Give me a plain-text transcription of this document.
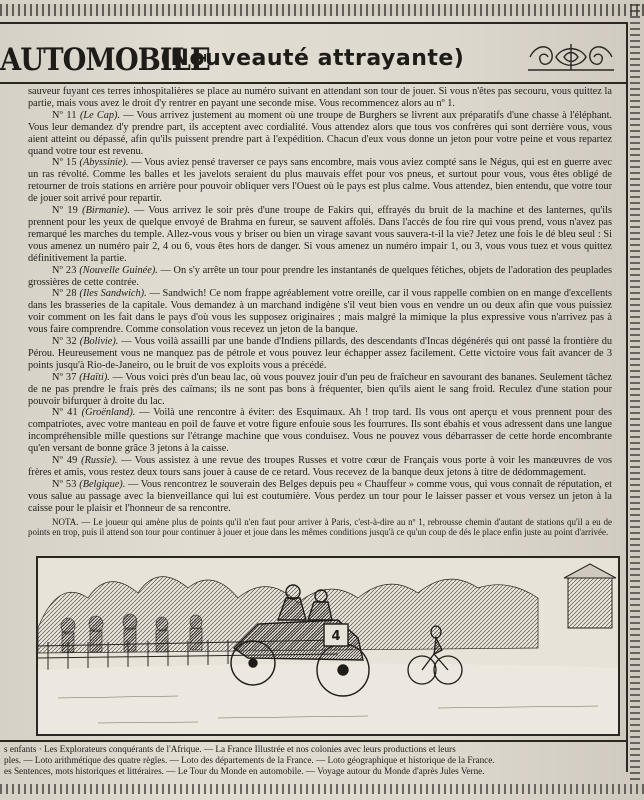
AUTOMOBILE
(Nouveauté attrayante)

sauveur fuyant ces terres inhospitalières se place au numéro suivant en attendant son tour de jouer. Si vous n'êtes pas secouru, vous quittez la partie, mais vous avez le droit d'y rentrer en payant une seconde mise. Vous recommencez alors au nº 1.

Nº 11 (Le Cap). — Vous arrivez justement au moment où une troupe de Burghers se livrent aux préparatifs d'une chasse à l'éléphant. Vous leur demandez d'y prendre part, ils acceptent avec cordialité. Vous attendez alors que tous vos confrères qui sont derrière vous, vous aient atteint ou dépassé, afin qu'ils puissent prendre part à l'expédition. Chacun d'eux vous donne un jeton pour votre peine et vous repartez quand votre tour est revenu.

Nº 15 (Abyssinie). — Vous aviez pensé traverser ce pays sans encombre, mais vous aviez compté sans le Négus, qui est en guerre avec un ras révolté. Comme les balles et les javelots seraient du plus mauvais effet pour vos pneus, et surtout pour vous, vous êtes obligé de retourner de trois stations en arrière pour pouvoir obliquer vers l'Ouest où le pays est plus calme. Vous attendez, bien entendu, que votre tour de jouer soit arrivé pour repartir.

Nº 19 (Birmanie). — Vous arrivez le soir près d'une troupe de Fakirs qui, effrayés du bruit de la machine et des lanternes, qu'ils prennent pour les yeux de quelque envoyé de Brahma en fureur, se sauvent affolés. Dans l'accès de fou rire qui vous prend, vous n'avez pas remarqué les marches du temple. Allez-vous vous y briser ou bien un virage savant vous sauvera-t-il la vie? Jetez une fois le dé bleu seul : Si vous amenez un numéro pair 2, 4 ou 6, vous êtes hors de danger. Si vous amenez un numéro impair 1, ou 3, vous vous tuez et vous quittez définitivement la partie.

Nº 23 (Nouvelle Guinée). — On s'y arrête un tour pour prendre les instantanés de quelques fétiches, objets de l'adoration des peuplades grossières de cette contrée.

Nº 28 (Iles Sandwich). — Sandwich! Ce nom frappe agréablement votre oreille, car il vous rappelle combien on en mange d'excellents dans les brasseries de la capitale. Vous demandez à un marchand indigène s'il veut bien vous en vendre un ou deux afin que vous puissiez voir comment on les fait dans le pays d'où vous les supposez originaires ; mais malgré la mimique la plus expressive vous n'arrivez pas à vous faire comprendre. Comme consolation vous recevez un jeton de la banque.

Nº 32 (Bolivie). — Vous voilà assailli par une bande d'Indiens pillards, des descendants d'Incas dégénérés qui ont passé la frontière du Pérou. Heureusement vous ne manquez pas de pétrole et vous pouvez leur échapper assez facilement. Cette victoire vous fait avancer de 3 points jusqu'à Rio-de-Janeiro, ou le bruit de vos exploits vous a précédé.

Nº 37 (Haïti). — Vous voici près d'un beau lac, où vous pouvez jouir d'un peu de fraîcheur en savourant des bananes. Seulement tâchez de ne pas prendre le frais près des caïmans; ils ne sont pas bons à fréquenter, bien qu'ils aient le sang froid. Reculez d'une station pour pouvoir bifurquer à droite du lac.

Nº 41 (Groënland). — Voilà une rencontre à éviter: des Esquimaux. Ah ! trop tard. Ils vous ont aperçu et vous prennent pour des compatriotes, avec votre manteau en poil de fauve et votre figure enfouie sous les fourrures. Ils sont ébahis et vous adressent dans une langue incompréhensible mille questions sur l'étrange machine que vous conduisez. Vous ne pouvez vous débarrasser de cette horde encombrante qu'en versant de bonne grâce 3 jetons à la caisse.

Nº 49 (Russie). — Vous assistez à une revue des troupes Russes et votre cœur de Français vous porte à voir les manœuvres de vos frères et amis, vous restez deux tours sans jouer à cause de ce retard. Vous recevez de la banque deux jetons à titre de dédommagement.

Nº 53 (Belgique). — Vous rencontrez le souverain des Belges depuis peu « Chauffeur » comme vous, qui vous connaît de réputation, et vous salue au passage avec la bienveillance qui lui est coutumière. Vous perdez un tour pour le laisser passer et vous versez un jeton à la caisse pour le plaisir et l'honneur de sa rencontre.

NOTA. — Le joueur qui amène plus de points qu'il n'en faut pour arriver à Paris, c'est-à-dire au nº 1, rebrousse chemin d'autant de stations qu'il a eu de points en trop, puis il attend son tour pour continuer à jouer et joue dans les mêmes conditions jusqu'à ce qu'un coup de dés le place enfin juste au point d'arrivée.

4
s enfants · Les Explorateurs conquérants de l'Afrique. — La France Illustrée et nos colonies avec leurs productions et leurs
ples. — Loto arithmétique des quatre règles. — Loto des départements de la France. — Loto géographique et historique de la France.
es Sentences, mots historiques et littéraires. — Le Tour du Monde en automobile. — Voyage autour du Monde d'après Jules Verne.
